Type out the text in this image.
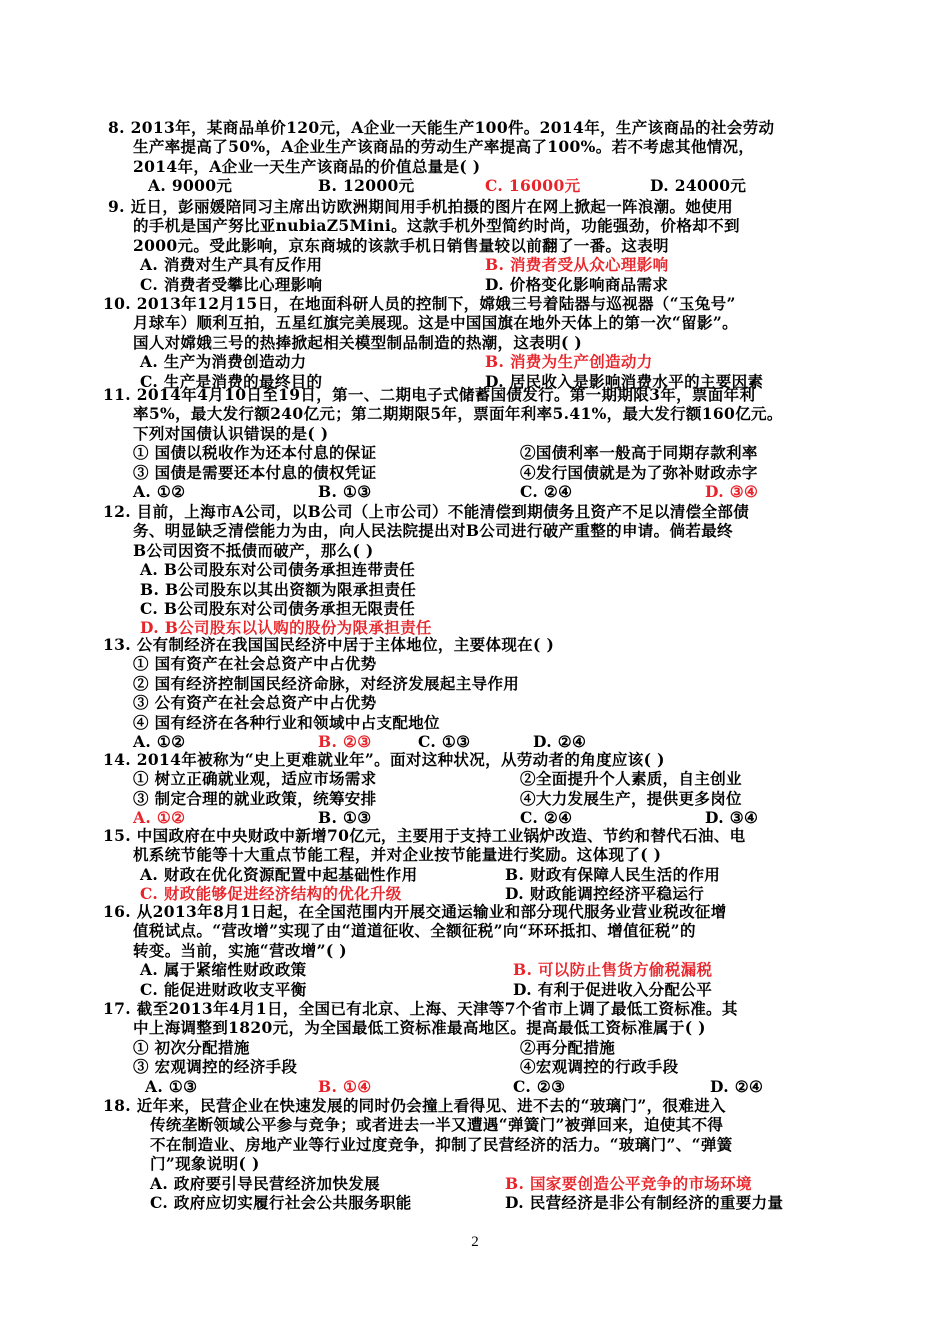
8. 2013年，某商品单价120元，A企业一天能生产100件。2014年，生产该商品的社会劳动
生产率提高了50%，A企业生产该商品的劳动生产率提高了100%。若不考虑其他情况，
2014年，A企业一天生产该商品的价值总量是( )
A. 9000元	B. 12000元	C. 16000元	D. 24000元
9. 近日，彭丽媛陪同习主席出访欧洲期间用手机拍摄的图片在网上掀起一阵浪潮。她使用
的手机是国产努比亚nubiaZ5Mini。这款手机外型简约时尚，功能强劲，价格却不到
2000元。受此影响，京东商城的该款手机日销售量较以前翻了一番。这表明
A. 消费对生产具有反作用	B. 消费者受从众心理影响
C. 消费者受攀比心理影响	D. 价格变化影响商品需求
10. 2013年12月15日，在地面科研人员的控制下，嫦娥三号着陆器与巡视器（“玉兔号”
月球车）顺利互拍，五星红旗完美展现。这是中国国旗在地外天体上的第一次“留影”。
国人对嫦娥三号的热捧掀起相关模型制品制造的热潮，这表明( )
A. 生产为消费创造动力	B. 消费为生产创造动力
C. 生产是消费的最终目的	D. 居民收入是影响消费水平的主要因素
11. 2014年4月10日至19日，第一、二期电子式储蓄国债发行。第一期期限3年，票面年利
率5%，最大发行额240亿元；第二期期限5年，票面年利率5.41%，最大发行额160亿元。
下列对国债认识错误的是( )
① 国债以税收作为还本付息的保证	②国债利率一般高于同期存款利率
③ 国债是需要还本付息的债权凭证	④发行国债就是为了弥补财政赤字
A. ①②	B. ①③	C. ②④	D. ③④
12. 目前，上海市A公司，以B公司（上市公司）不能清偿到期债务且资产不足以清偿全部债
务、明显缺乏清偿能力为由，向人民法院提出对B公司进行破产重整的申请。倘若最终
B公司因资不抵债而破产，那么( )
A. B公司股东对公司债务承担连带责任
B. B公司股东以其出资额为限承担责任
C. B公司股东对公司债务承担无限责任
D. B公司股东以认购的股份为限承担责任
13. 公有制经济在我国国民经济中居于主体地位，主要体现在( )
① 国有资产在社会总资产中占优势
② 国有经济控制国民经济命脉，对经济发展起主导作用
③ 公有资产在社会总资产中占优势
④ 国有经济在各种行业和领域中占支配地位
A. ①②	B. ②③	C. ①③	D. ②④
14. 2014年被称为“史上更难就业年”。面对这种状况，从劳动者的角度应该( )
① 树立正确就业观，适应市场需求	②全面提升个人素质，自主创业
③ 制定合理的就业政策，统筹安排	④大力发展生产，提供更多岗位
A. ①②	B. ①③	C. ②④	D. ③④
15. 中国政府在中央财政中新增70亿元，主要用于支持工业锅炉改造、节约和替代石油、电
机系统节能等十大重点节能工程，并对企业按节能量进行奖励。这体现了( )
A. 财政在优化资源配置中起基础性作用	B. 财政有保障人民生活的作用
C. 财政能够促进经济结构的优化升级	D. 财政能调控经济平稳运行
16. 从2013年8月1日起，在全国范围内开展交通运输业和部分现代服务业营业税改征增
值税试点。“营改增”实现了由“道道征收、全额征税”向“环环抵扣、增值征税”的
转变。当前，实施“营改增”( )
A. 属于紧缩性财政政策	B. 可以防止售货方偷税漏税
C. 能促进财政收支平衡	D. 有利于促进收入分配公平
17. 截至2013年4月1日，全国已有北京、上海、天津等7个省市上调了最低工资标准。其
中上海调整到1820元，为全国最低工资标准最高地区。提高最低工资标准属于( )
① 初次分配措施	②再分配措施
③ 宏观调控的经济手段	④宏观调控的行政手段
A. ①③	B. ①④	C. ②③	D. ②④
18. 近年来，民营企业在快速发展的同时仍会撞上看得见、进不去的“玻璃门”，很难进入
传统垄断领域公平参与竞争；或者进去一半又遭遇“弹簧门”被弹回来，迫使其不得
不在制造业、房地产业等行业过度竞争，抑制了民营经济的活力。“玻璃门”、“弹簧
门”现象说明( )
A. 政府要引导民营经济加快发展	B. 国家要创造公平竞争的市场环境
C. 政府应切实履行社会公共服务职能	D. 民营经济是非公有制经济的重要力量
2
